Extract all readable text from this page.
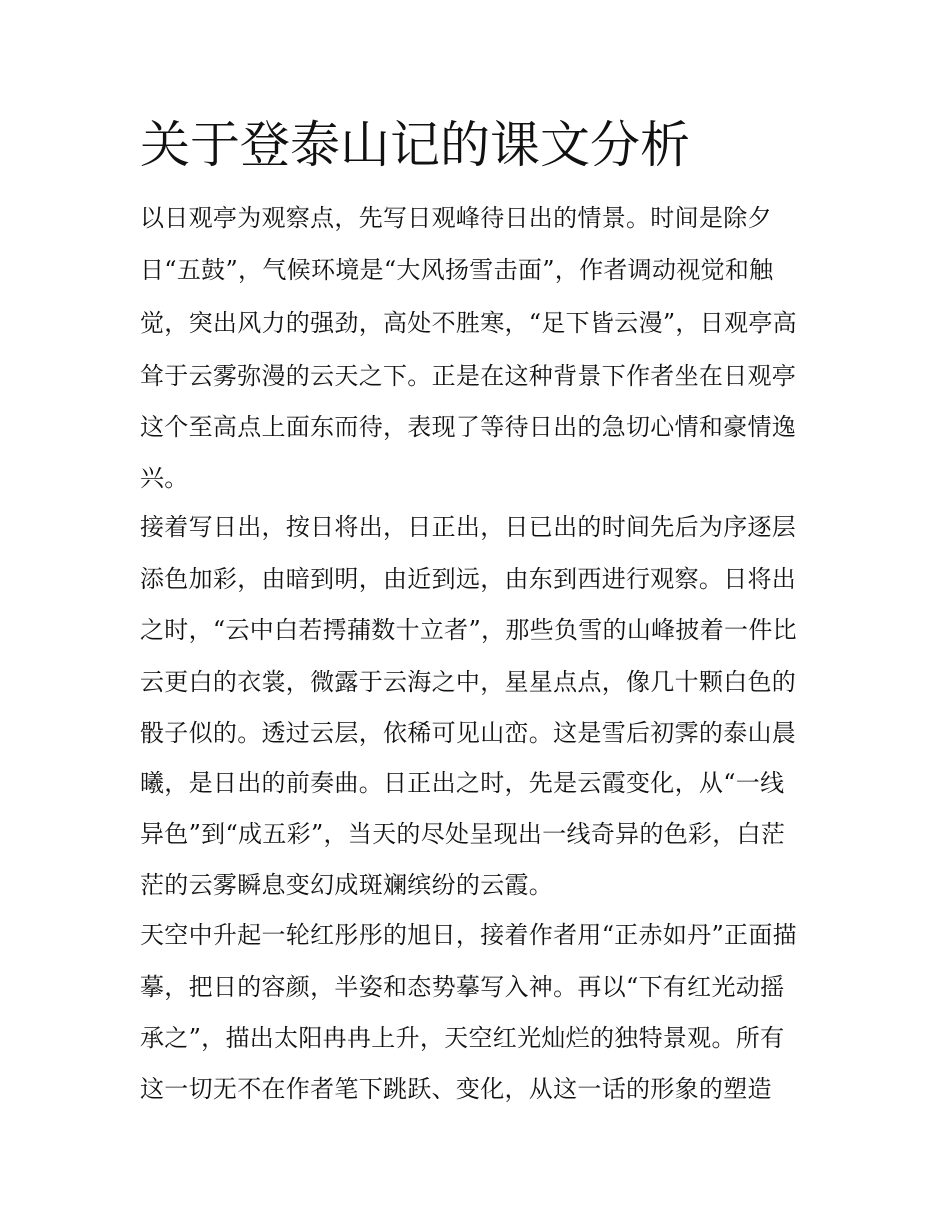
关于登泰山记的课文分析
以日观亭为观察点，先写日观峰待日出的情景。时间是除夕
日“五鼓”，气候环境是“大风扬雪击面”，作者调动视觉和触
觉，突出风力的强劲，高处不胜寒，“足下皆云漫”，日观亭高
耸于云雾弥漫的云天之下。正是在这种背景下作者坐在日观亭
这个至高点上面东而待，表现了等待日出的急切心情和豪情逸
兴。
接着写日出，按日将出，日正出，日已出的时间先后为序逐层
添色加彩，由暗到明，由近到远，由东到西进行观察。日将出
之时，“云中白若摴蒱数十立者”，那些负雪的山峰披着一件比
云更白的衣裳，微露于云海之中，星星点点，像几十颗白色的
骰子似的。透过云层，依稀可见山峦。这是雪后初霁的泰山晨
曦，是日出的前奏曲。日正出之时，先是云霞变化，从“一线
异色”到“成五彩”，当天的尽处呈现出一线奇异的色彩，白茫
茫的云雾瞬息变幻成斑斓缤纷的云霞。
天空中升起一轮红彤彤的旭日，接着作者用“正赤如丹”正面描
摹，把日的容颜，半姿和态势摹写入神。再以“下有红光动摇
承之”，描出太阳冉冉上升，天空红光灿烂的独特景观。所有
这一切无不在作者笔下跳跃、变化，从这一话的形象的塑造
